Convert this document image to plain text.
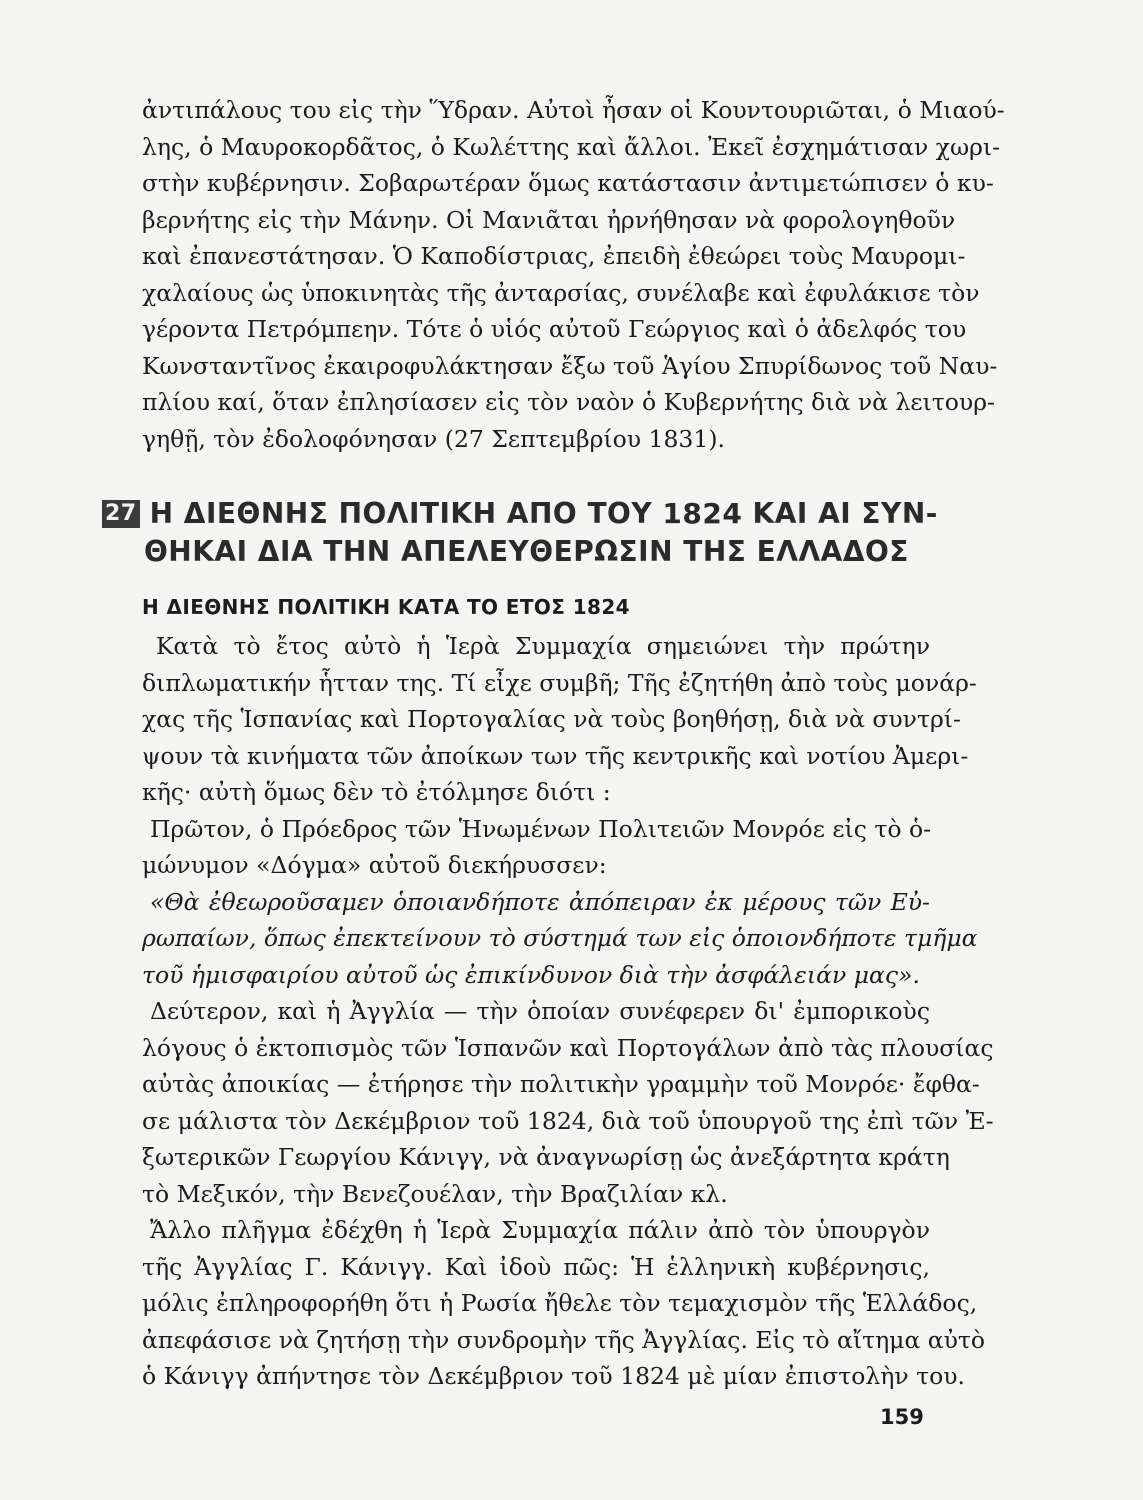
ἀντιπάλους του εἰς τὴν Ὕδραν. Αὐτοὶ ἦσαν οἱ Κουντουριῶται, ὁ Μιαού-
λης, ὁ Μαυροκορδᾶτος, ὁ Κωλέττης καὶ ἄλλοι. Ἐκεῖ ἐσχημάτισαν χωρι-
στὴν κυβέρνησιν. Σοβαρωτέραν ὅμως κατάστασιν ἀντιμετώπισεν ὁ κυ-
βερνήτης εἰς τὴν Μάνην. Οἱ Μανιᾶται ἠρνήθησαν νὰ φορολογηθοῦν
καὶ ἐπανεστάτησαν. Ὁ Καποδίστριας, ἐπειδὴ ἐθεώρει τοὺς Μαυρομι-
χαλαίους ὡς ὑποκινητὰς τῆς ἀνταρσίας, συνέλαβε καὶ ἐφυλάκισε τὸν
γέροντα Πετρόμπεην. Τότε ὁ υἱός αὐτοῦ Γεώργιος καὶ ὁ ἀδελφός του
Κωνσταντῖνος ἐκαιροφυλάκτησαν ἔξω τοῦ Ἁγίου Σπυρίδωνος τοῦ Ναυ-
πλίου καί, ὅταν ἐπλησίασεν εἰς τὸν ναὸν ὁ Κυβερνήτης διὰ νὰ λειτουρ-
γηθῇ, τὸν ἐδολοφόνησαν (27 Σεπτεμβρίου 1831).
27 Η ΔΙΕΘΝΗΣ ΠΟΛΙΤΙΚΗ ΑΠΟ ΤΟΥ 1824 ΚΑΙ ΑΙ ΣΥΝ-
ΘΗΚΑΙ ΔΙΑ ΤΗΝ ΑΠΕΛΕΥΘΕΡΩΣΙΝ ΤΗΣ ΕΛΛΑΔΟΣ
Η ΔΙΕΘΝΗΣ ΠΟΛΙΤΙΚΗ ΚΑΤΑ ΤΟ ΕΤΟΣ 1824
Κατὰ τὸ ἔτος αὐτὸ ἡ Ἱερὰ Συμμαχία σημειώνει τὴν πρώτην
διπλωματικήν ἧτταν της. Τί εἶχε συμβῆ; Τῆς ἐζητήθη ἀπὸ τοὺς μονάρ-
χας τῆς Ἱσπανίας καὶ Πορτογαλίας νὰ τοὺς βοηθήσῃ, διὰ νὰ συντρί-
ψουν τὰ κινήματα τῶν ἀποίκων των τῆς κεντρικῆς καὶ νοτίου Ἀμερι-
κῆς· αὐτὴ ὅμως δὲν τὸ ἐτόλμησε διότι :
Πρῶτον, ὁ Πρόεδρος τῶν Ἡνωμένων Πολιτειῶν Μονρόε εἰς τὸ ὁ-
μώνυμον «Δόγμα» αὐτοῦ διεκήρυσσεν:
«Θὰ ἐθεωροῦσαμεν ὁποιανδήποτε ἀπόπειραν ἐκ μέρους τῶν Εὐ-
ρωπαίων, ὅπως ἐπεκτείνουν τὸ σύστημά των εἰς ὁποιονδήποτε τμῆμα
τοῦ ἡμισφαιρίου αὐτοῦ ὡς ἐπικίνδυνον διὰ τὴν ἀσφάλειάν μας».
Δεύτερον, καὶ ἡ Ἀγγλία — τὴν ὁποίαν συνέφερεν δι' ἐμπορικοὺς
λόγους ὁ ἐκτοπισμὸς τῶν Ἱσπανῶν καὶ Πορτογάλων ἀπὸ τὰς πλουσίας
αὐτὰς ἀποικίας — ἐτήρησε τὴν πολιτικὴν γραμμὴν τοῦ Μονρόε· ἔφθα-
σε μάλιστα τὸν Δεκέμβριον τοῦ 1824, διὰ τοῦ ὑπουργοῦ της ἐπὶ τῶν Ἐ-
ξωτερικῶν Γεωργίου Κάνιγγ, νὰ ἀναγνωρίσῃ ὡς ἀνεξάρτητα κράτη
τὸ Μεξικόν, τὴν Βενεζουέλαν, τὴν Βραζιλίαν κλ.
Ἄλλο πλῆγμα ἐδέχθη ἡ Ἱερὰ Συμμαχία πάλιν ἀπὸ τὸν ὑπουργὸν
τῆς Ἀγγλίας Γ. Κάνιγγ. Καὶ ἰδοὺ πῶς: Ἡ ἑλληνικὴ κυβέρνησις,
μόλις ἐπληροφορήθη ὅτι ἡ Ρωσία ἤθελε τὸν τεμαχισμὸν τῆς Ἑλλάδος,
ἀπεφάσισε νὰ ζητήσῃ τὴν συνδρομὴν τῆς Ἀγγλίας. Εἰς τὸ αἴτημα αὐτὸ
ὁ Κάνιγγ ἀπήντησε τὸν Δεκέμβριον τοῦ 1824 μὲ μίαν ἐπιστολὴν του.
159
